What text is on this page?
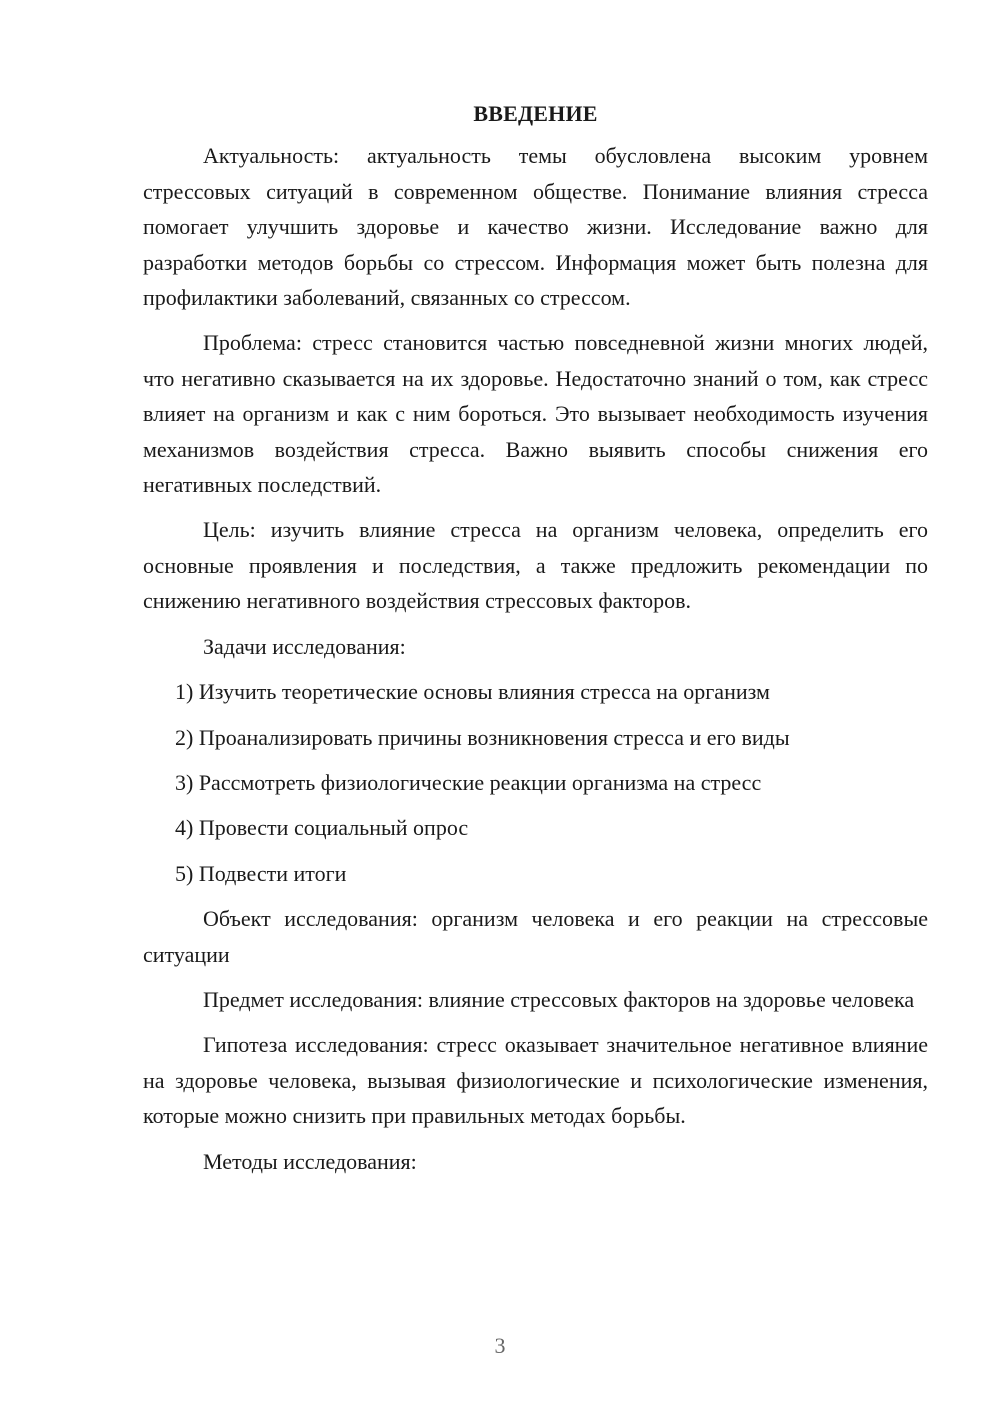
ВВЕДЕНИЕ

Актуальность: актуальность темы обусловлена высоким уровнем стрессовых ситуаций в современном обществе. Понимание влияния стресса помогает улучшить здоровье и качество жизни. Исследование важно для разработки методов борьбы со стрессом. Информация может быть полезна для профилактики заболеваний, связанных со стрессом.

Проблема: стресс становится частью повседневной жизни многих людей, что негативно сказывается на их здоровье. Недостаточно знаний о том, как стресс влияет на организм и как с ним бороться. Это вызывает необходимость изучения механизмов воздействия стресса. Важно выявить способы снижения его негативных последствий.

Цель: изучить влияние стресса на организм человека, определить его основные проявления и последствия, а также предложить рекомендации по снижению негативного воздействия стрессовых факторов.

Задачи исследования:

1) Изучить теоретические основы влияния стресса на организм
2) Проанализировать причины возникновения стресса и его виды
3) Рассмотреть физиологические реакции организма на стресс
4) Провести социальный опрос
5) Подвести итоги

Объект исследования: организм человека и его реакции на стрессовые ситуации

Предмет исследования: влияние стрессовых факторов на здоровье человека

Гипотеза исследования: стресс оказывает значительное негативное влияние на здоровье человека, вызывая физиологические и психологические изменения, которые можно снизить при правильных методах борьбы.

Методы исследования:

3
